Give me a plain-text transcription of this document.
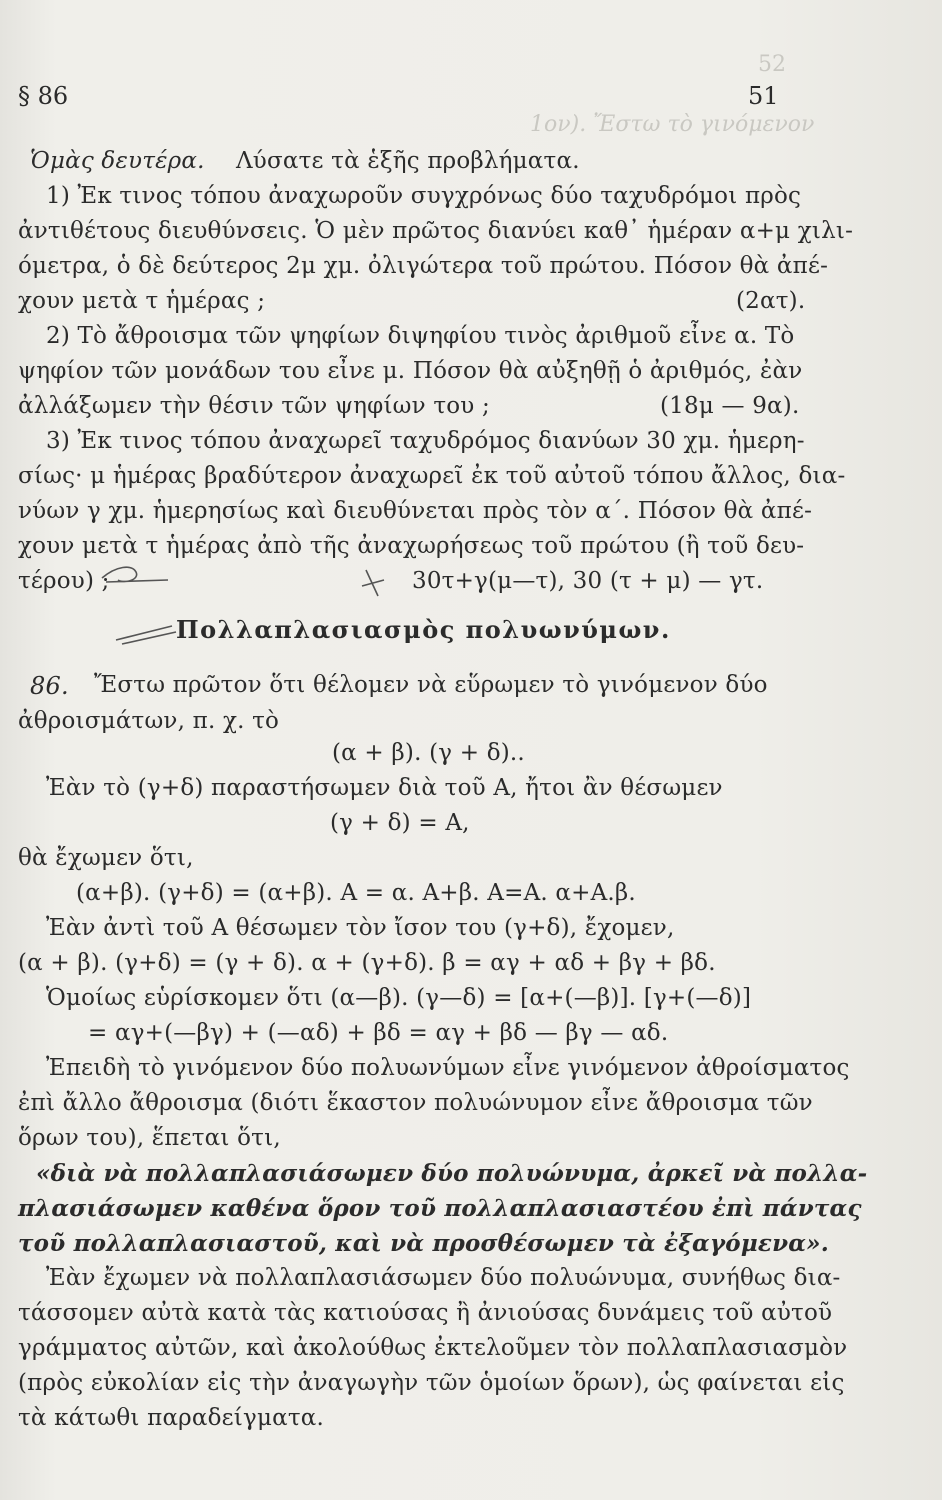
52
1ον). Ἔστω τὸ γινόμενον
§ 86	51
Ὁμὰς δευτέρα. Λύσατε τὰ ἑξῆς προβλήματα.
1) Ἐκ τινος τόπου ἀναχωροῦν συγχρόνως δύο ταχυδρόμοι πρὸς
ἀντιθέτους διευθύνσεις. Ὁ μὲν πρῶτος διανύει καθ᾽ ἡμέραν α+μ χιλι-
όμετρα, ὁ δὲ δεύτερος 2μ χμ. ὀλιγώτερα τοῦ πρώτου. Πόσον θὰ ἀπέ-
χουν μετὰ τ ἡμέρας ;	(2ατ).
2) Τὸ ἄθροισμα τῶν ψηφίων διψηφίου τινὸς ἀριθμοῦ εἶνε α. Τὸ
ψηφίον τῶν μονάδων του εἶνε μ. Πόσον θὰ αὐξηθῇ ὁ ἀριθμός, ἐὰν
ἀλλάξωμεν τὴν θέσιν τῶν ψηφίων του ;	(18μ — 9α).
3) Ἐκ τινος τόπου ἀναχωρεῖ ταχυδρόμος διανύων 30 χμ. ἡμερη-
σίως· μ ἡμέρας βραδύτερον ἀναχωρεῖ ἐκ τοῦ αὐτοῦ τόπου ἄλλος, δια-
νύων γ χμ. ἡμερησίως καὶ διευθύνεται πρὸς τὸν α΄. Πόσον θὰ ἀπέ-
χουν μετὰ τ ἡμέρας ἀπὸ τῆς ἀναχωρήσεως τοῦ πρώτου (ἢ τοῦ δευ-
τέρου) ;	30τ+γ(μ—τ), 30 (τ + μ) — γτ.
Πολλαπλασιασμὸς πολυωνύμων.
86. Ἔστω πρῶτον ὅτι θέλομεν νὰ εὕρωμεν τὸ γινόμενον δύο
ἀθροισμάτων, π. χ. τὸ
(α + β). (γ + δ)..
Ἐὰν τὸ (γ+δ) παραστήσωμεν διὰ τοῦ Α, ἤτοι ἂν θέσωμεν
(γ + δ) = Α,
θὰ ἔχωμεν ὅτι,
(α+β). (γ+δ) = (α+β). Α = α. Α+β. Α=Α. α+Α.β.
Ἐὰν ἀντὶ τοῦ Α θέσωμεν τὸν ἴσον του (γ+δ), ἔχομεν,
(α + β). (γ+δ) = (γ + δ). α + (γ+δ). β = αγ + αδ + βγ + βδ.
Ὁμοίως εὑρίσκομεν ὅτι (α—β). (γ—δ) = [α+(—β)]. [γ+(—δ)]
= αγ+(—βγ) + (—αδ) + βδ = αγ + βδ — βγ — αδ.
Ἐπειδὴ τὸ γινόμενον δύο πολυωνύμων εἶνε γινόμενον ἀθροίσματος
ἐπὶ ἄλλο ἄθροισμα (διότι ἕκαστον πολυώνυμον εἶνε ἄθροισμα τῶν
ὅρων του), ἕπεται ὅτι,
«διὰ νὰ πολλαπλασιάσωμεν δύο πολυώνυμα, ἀρκεῖ νὰ πολλα-
πλασιάσωμεν καθένα ὅρον τοῦ πολλαπλασιαστέου ἐπὶ πάντας
τοῦ πολλαπλασιαστοῦ, καὶ νὰ προσθέσωμεν τὰ ἐξαγόμενα».
Ἐὰν ἔχωμεν νὰ πολλαπλασιάσωμεν δύο πολυώνυμα, συνήθως δια-
τάσσομεν αὐτὰ κατὰ τὰς κατιούσας ἢ ἀνιούσας δυνάμεις τοῦ αὐτοῦ
γράμματος αὐτῶν, καὶ ἀκολούθως ἐκτελοῦμεν τὸν πολλαπλασιασμὸν
(πρὸς εὐκολίαν εἰς τὴν ἀναγωγὴν τῶν ὁμοίων ὅρων), ὡς φαίνεται εἰς
τὰ κάτωθι παραδείγματα.
